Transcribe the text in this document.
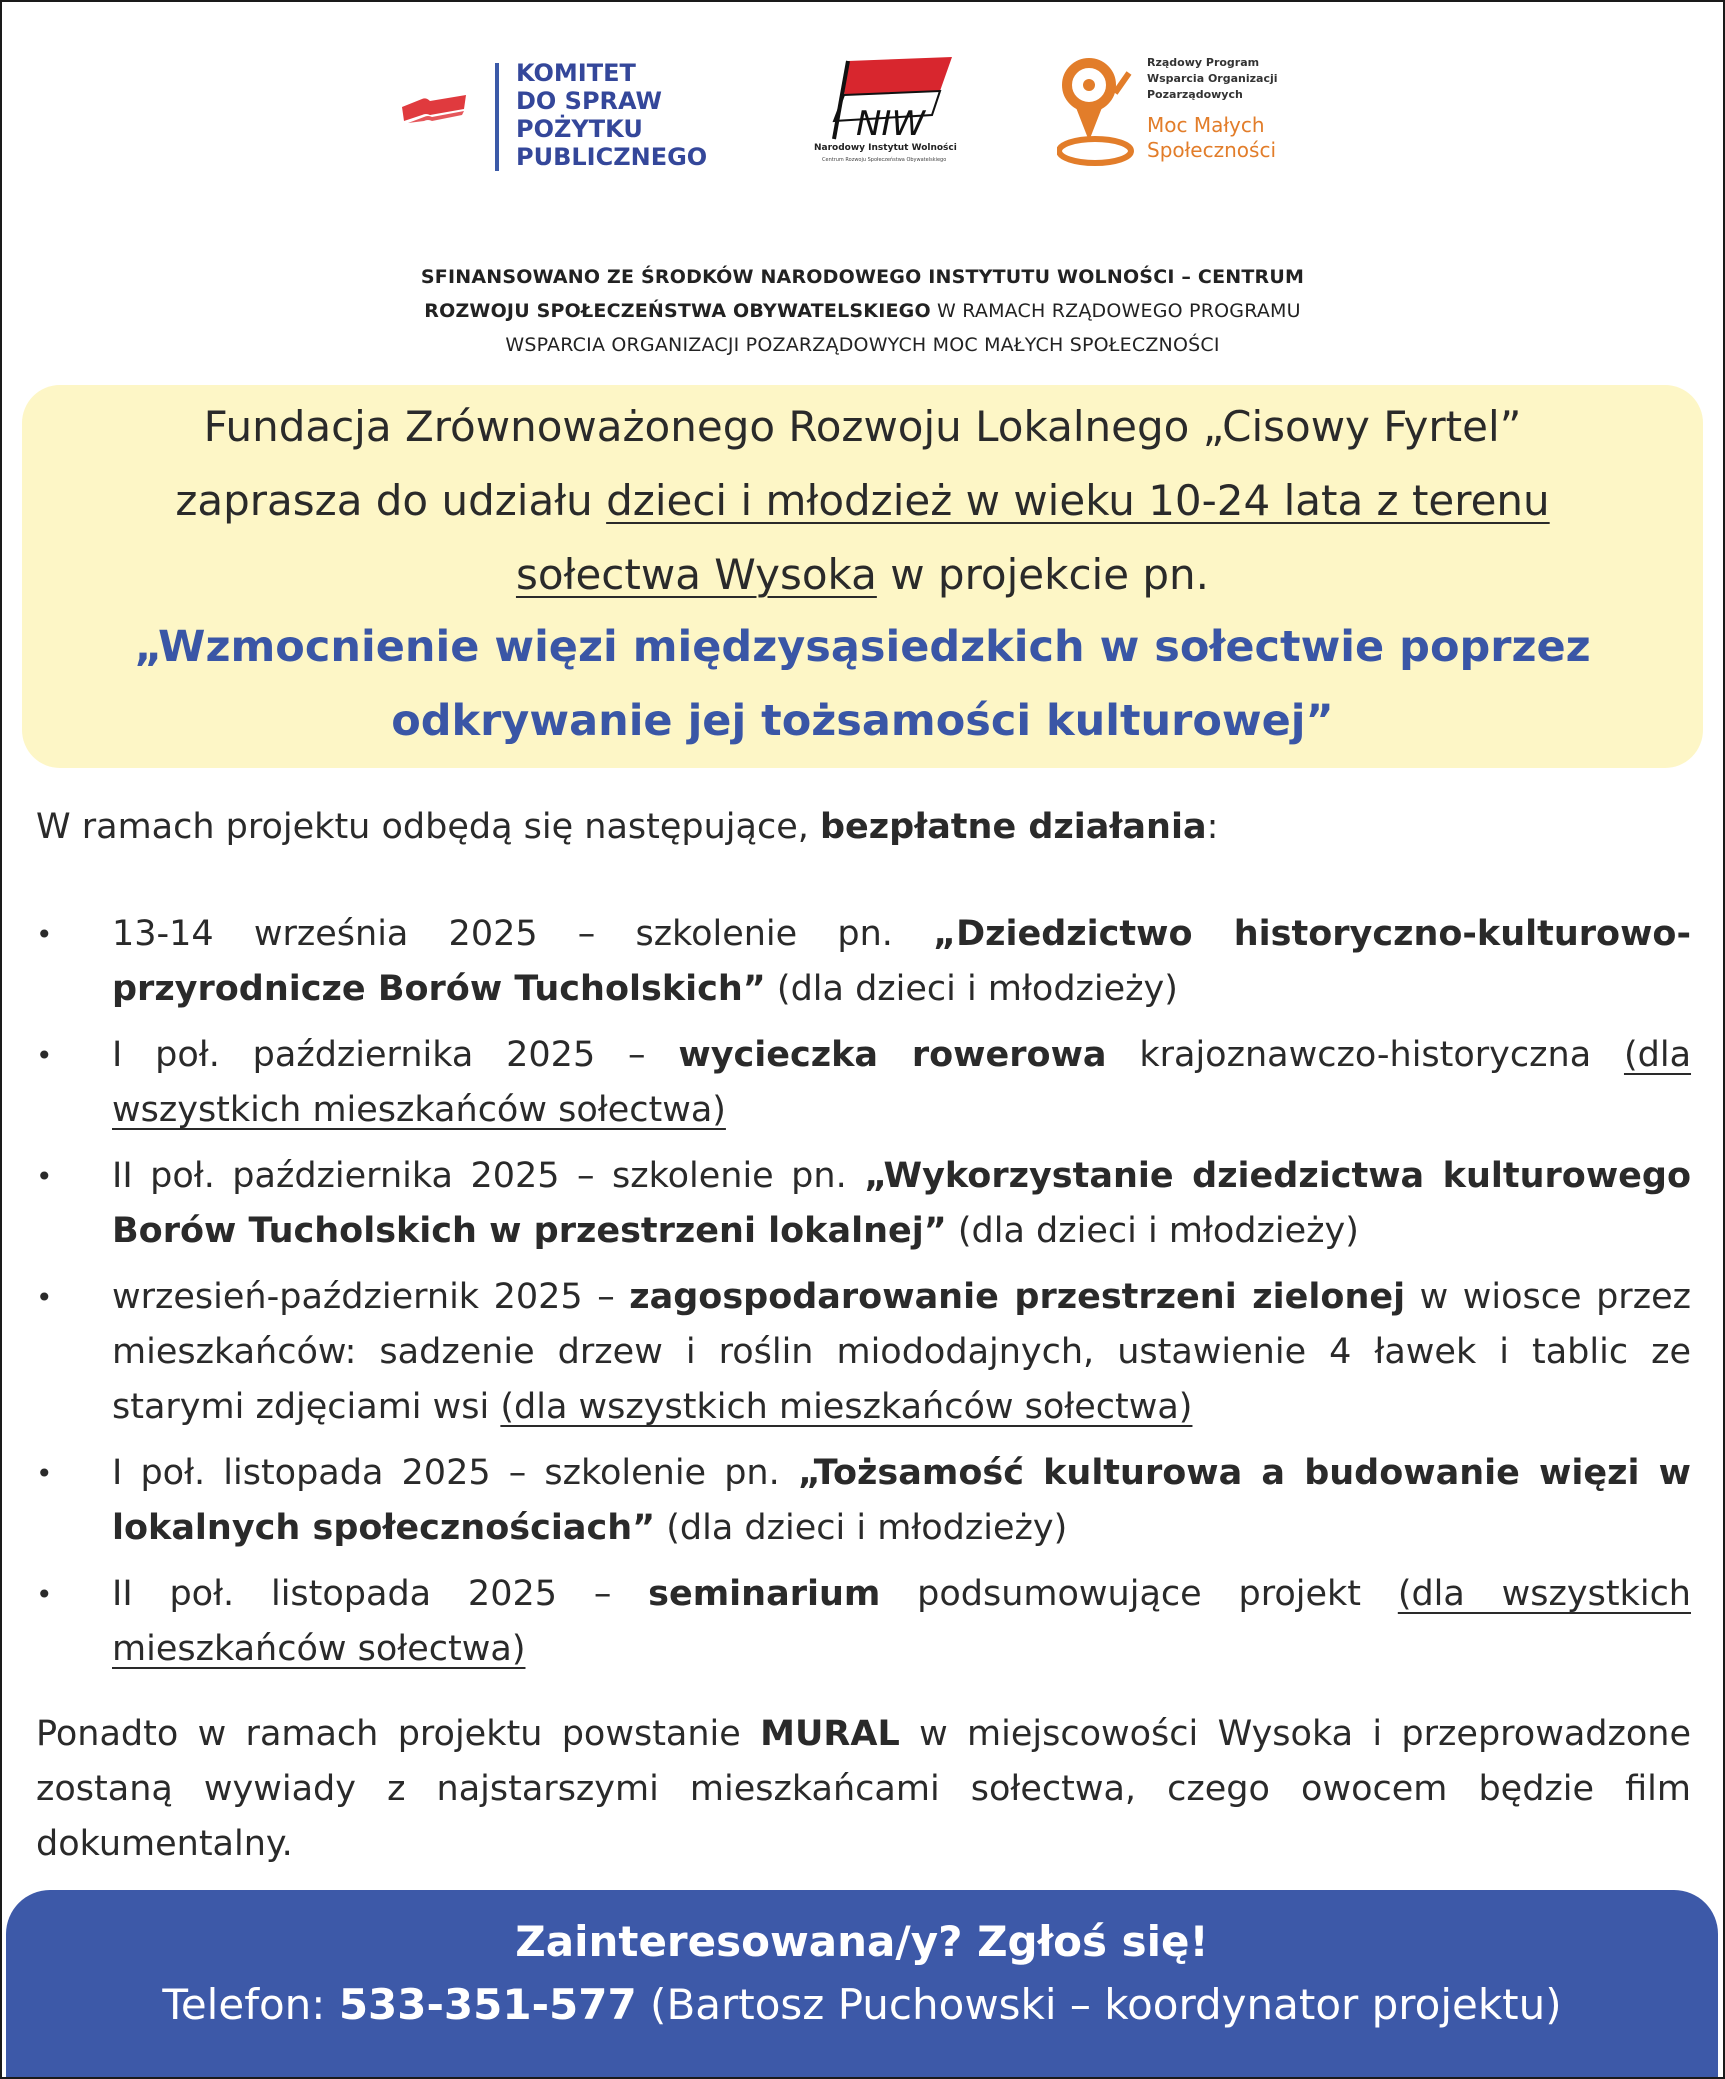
KOMITET
DO SPRAW
POŻYTKU
PUBLICZNEGO
NIW
Narodowy Instytut Wolności
Centrum Rozwoju Społeczeństwa Obywatelskiego
Rządowy Program
Wsparcia Organizacji
Pozarządowych
Moc Małych
Społeczności
SFINANSOWANO ZE ŚRODKÓW NARODOWEGO INSTYTUTU WOLNOŚCI – CENTRUM
ROZWOJU SPOŁECZEŃSTWA OBYWATELSKIEGO W RAMACH RZĄDOWEGO PROGRAMU
WSPARCIA ORGANIZACJI POZARZĄDOWYCH MOC MAŁYCH SPOŁECZNOŚCI
Fundacja Zrównoważonego Rozwoju Lokalnego „Cisowy Fyrtel”
zaprasza do udziału dzieci i młodzież w wieku 10-24 lata z terenu
sołectwa Wysoka w projekcie pn.
„Wzmocnienie więzi międzysąsiedzkich w sołectwie poprzez
odkrywanie jej tożsamości kulturowej”
W ramach projektu odbędą się następujące, bezpłatne działania:
• 13-14 września 2025 – szkolenie pn. „Dziedzictwo historyczno-kulturowo-przyrodnicze Borów Tucholskich” (dla dzieci i młodzieży)
• I poł. października 2025 – wycieczka rowerowa krajoznawczo-historyczna (dla wszystkich mieszkańców sołectwa)
• II poł. października 2025 – szkolenie pn. „Wykorzystanie dziedzictwa kulturowego Borów Tucholskich w przestrzeni lokalnej” (dla dzieci i młodzieży)
• wrzesień-październik 2025 – zagospodarowanie przestrzeni zielonej w wiosce przez mieszkańców: sadzenie drzew i roślin miododajnych, ustawienie 4 ławek i tablic ze starymi zdjęciami wsi (dla wszystkich mieszkańców sołectwa)
• I poł. listopada 2025 – szkolenie pn. „Tożsamość kulturowa a budowanie więzi w lokalnych społecznościach” (dla dzieci i młodzieży)
• II poł. listopada 2025 – seminarium podsumowujące projekt (dla wszystkich mieszkańców sołectwa)
Ponadto w ramach projektu powstanie MURAL w miejscowości Wysoka i przeprowadzone zostaną wywiady z najstarszymi mieszkańcami sołectwa, czego owocem będzie film dokumentalny.
Zainteresowana/y? Zgłoś się!
Telefon: 533-351-577 (Bartosz Puchowski – koordynator projektu)
